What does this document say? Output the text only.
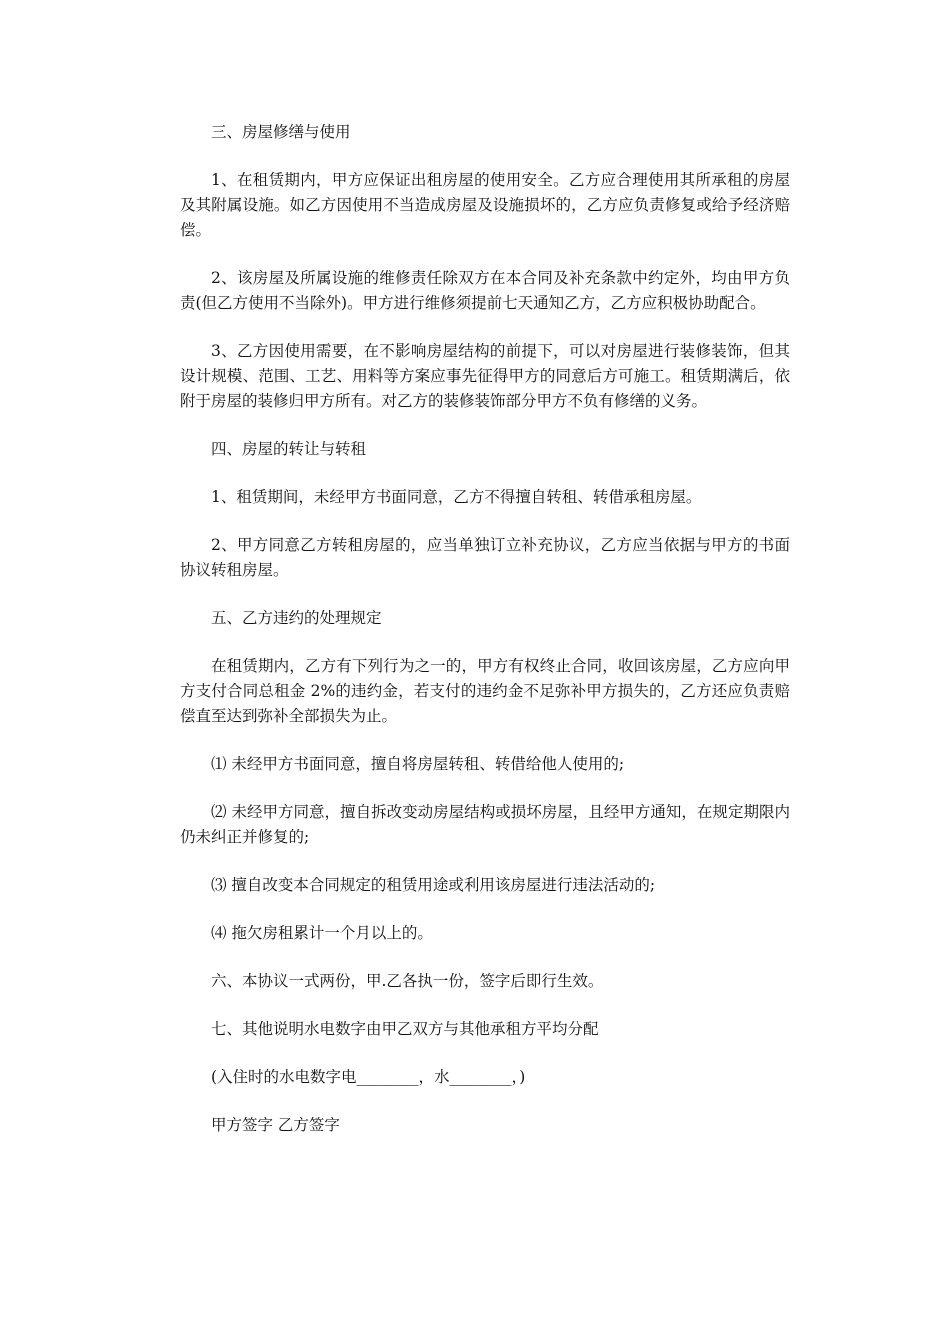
三、房屋修缮与使用

1、在租赁期内，甲方应保证出租房屋的使用安全。乙方应合理使用其所承租的房屋及其附属设施。如乙方因使用不当造成房屋及设施损坏的，乙方应负责修复或给予经济赔偿。

2、该房屋及所属设施的维修责任除双方在本合同及补充条款中约定外，均由甲方负责(但乙方使用不当除外)。甲方进行维修须提前七天通知乙方，乙方应积极协助配合。

3、乙方因使用需要，在不影响房屋结构的前提下，可以对房屋进行装修装饰，但其设计规模、范围、工艺、用料等方案应事先征得甲方的同意后方可施工。租赁期满后，依附于房屋的装修归甲方所有。对乙方的装修装饰部分甲方不负有修缮的义务。

四、房屋的转让与转租

1、租赁期间，未经甲方书面同意，乙方不得擅自转租、转借承租房屋。

2、甲方同意乙方转租房屋的，应当单独订立补充协议，乙方应当依据与甲方的书面协议转租房屋。

五、乙方违约的处理规定

在租赁期内，乙方有下列行为之一的，甲方有权终止合同，收回该房屋，乙方应向甲方支付合同总租金 2%的违约金，若支付的违约金不足弥补甲方损失的，乙方还应负责赔偿直至达到弥补全部损失为止。

⑴ 未经甲方书面同意，擅自将房屋转租、转借给他人使用的;

⑵ 未经甲方同意，擅自拆改变动房屋结构或损坏房屋，且经甲方通知，在规定期限内仍未纠正并修复的;

⑶ 擅自改变本合同规定的租赁用途或利用该房屋进行违法活动的;

⑷ 拖欠房租累计一个月以上的。

六、本协议一式两份，甲.乙各执一份，签字后即行生效。

七、其他说明水电数字由甲乙双方与其他承租方平均分配

(入住时的水电数字电________，水________，)

甲方签字 乙方签字
